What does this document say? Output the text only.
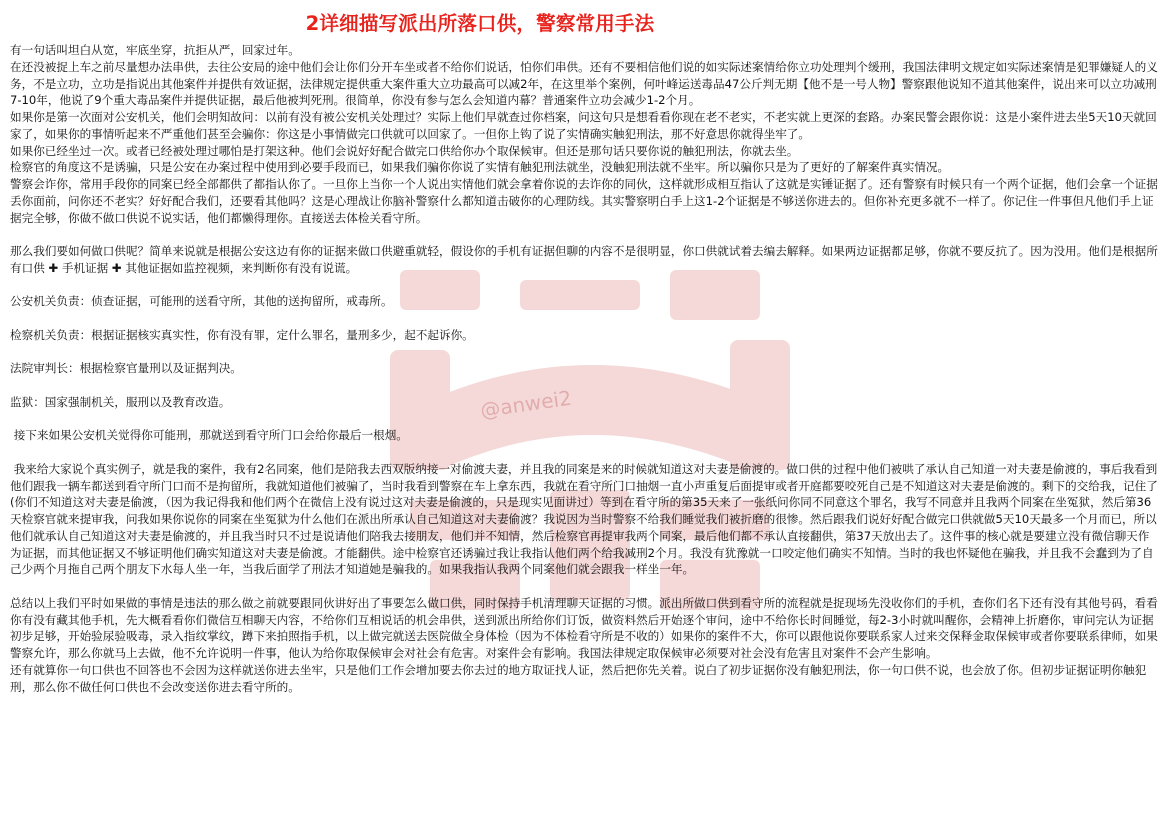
@anwei2
2详细描写派出所落口供，警察常用手法

有一句话叫坦白从宽，牢底坐穿，抗拒从严，回家过年。

在还没被捉上车之前尽量想办法串供，去往公安局的途中他们会让你们分开车坐或者不给你们说话，怕你们串供。还有不要相信他们说的如实际述案情给你立功处理判个缓刑，我国法律明文规定如实际述案情是犯罪嫌疑人的义务，不是立功，立功是指说出其他案件并提供有效证据，法律规定提供重大案件重大立功最高可以减2年，在这里举个案例，何叶峰运送毒品47公斤判无期【他不是一号人物】警察跟他说知不道其他案件，说出来可以立功减刑7-10年，他说了9个重大毒品案件并提供证据，最后他被判死刑。很简单，你没有参与怎么会知道内幕？普通案件立功会减少1-2个月。

如果你是第一次面对公安机关，他们会明知故问：以前有没有被公安机关处理过？实际上他们早就查过你档案，问这句只是想看看你现在老不老实，不老实就上更深的套路。办案民警会跟你说：这是小案件进去坐5天10天就回家了，如果你的事情听起来不严重他们甚至会骗你：你这是小事情做完口供就可以回家了。一但你上钩了说了实情确实触犯刑法，那不好意思你就得坐牢了。

如果你已经坐过一次。或者已经被处理过哪怕是打架这种。他们会说好好配合做完口供给你办个取保候审。但还是那句话只要你说的触犯刑法，你就去坐。

检察官的角度这不是诱骗，只是公安在办案过程中使用到必要手段而已，如果我们骗你你说了实情有触犯刑法就坐，没触犯刑法就不坐牢。所以骗你只是为了更好的了解案件真实情况。

警察会诈你，常用手段你的同案已经全部都供了都指认你了。一旦你上当你一个人说出实情他们就会拿着你说的去诈你的同伙，这样就形成相互指认了这就是实锤证据了。还有警察有时候只有一个两个证据，他们会拿一个证据丢你面前，问你还不老实？好好配合我们，还要看其他吗？这是心理战让你脑补警察什么都知道击破你的心理防线。其实警察明白手上这1-2个证据是不够送你进去的。但你补充更多就不一样了。你记住一件事但凡他们手上证据完全够，你做不做口供说不说实话，他们都懒得理你。直接送去体检关看守所。

那么我们要如何做口供呢？简单来说就是根据公安这边有你的证据来做口供避重就轻，假设你的手机有证据但聊的内容不是很明显，你口供就试着去编去解释。如果两边证据都足够，你就不要反抗了。因为没用。他们是根据所有口供 ✚ 手机证据 ✚ 其他证据如监控视频，来判断你有没有说谎。

公安机关负责：侦查证据，可能刑的送看守所，其他的送拘留所，戒毒所。

检察机关负责：根据证据核实真实性，你有没有罪，定什么罪名，量刑多少，起不起诉你。

法院审判长：根据检察官量刑以及证据判决。

监狱：国家强制机关，服刑以及教育改造。

接下来如果公安机关觉得你可能刑，那就送到看守所门口会给你最后一根烟。

我来给大家说个真实例子，就是我的案件，我有2名同案，他们是陪我去西双版纳接一对偷渡夫妻，并且我的同案是来的时候就知道这对夫妻是偷渡的。做口供的过程中他们被哄了承认自己知道一对夫妻是偷渡的，事后我看到他们跟我一辆车都送到看守所门口而不是拘留所，我就知道他们被骗了，当时我看到警察在车上拿东西，我就在看守所门口抽烟一直小声重复后面提审或者开庭都要咬死自己是不知道这对夫妻是偷渡的。剩下的交给我，记住了(你们不知道这对夫妻是偷渡，（因为我记得我和他们两个在微信上没有说过这对夫妻是偷渡的，只是现实见面讲过）等到在看守所的第35天来了一张纸问你同不同意这个罪名，我写不同意并且我两个同案在坐冤狱，然后第36天检察官就来提审我，问我如果你说你的同案在坐冤狱为什么他们在派出所承认自己知道这对夫妻偷渡？我说因为当时警察不给我们睡觉我们被折磨的很惨。然后跟我们说好好配合做完口供就做5天10天最多一个月而已，所以他们就承认自己知道这对夫妻是偷渡的，并且我当时只不过是说请他们陪我去接朋友，他们并不知情，然后检察官再提审我两个同案，最后他们都不承认直接翻供，第37天放出去了。这件事的核心就是要建立没有微信聊天作为证据，而其他证据又不够证明他们确实知道这对夫妻是偷渡。才能翻供。途中检察官还诱骗过我让我指认他们两个给我减刑2个月。我没有犹豫就一口咬定他们确实不知情。当时的我也怀疑他在骗我，并且我不会蠢到为了自己少两个月拖自己两个朋友下水每人坐一年，当我后面学了刑法才知道她是骗我的。如果我指认我两个同案他们就会跟我一样坐一年。

总结以上我们平时如果做的事情是违法的那么做之前就要跟同伙讲好出了事要怎么做口供，同时保持手机清理聊天证据的习惯。派出所做口供到看守所的流程就是捉现场先没收你们的手机，查你们名下还有没有其他号码，看看你有没有藏其他手机，先大概看看你们微信互相聊天内容，不给你们互相说话的机会串供，送到派出所给你们订饭，做资料然后开始逐个审问，途中不给你长时间睡觉，每2-3小时就叫醒你，会精神上折磨你，审问完认为证据初步足够，开始验尿验吸毒，录入指纹掌纹，蹲下来拍照指手机，以上做完就送去医院做全身体检（因为不体检看守所是不收的）如果你的案件不大，你可以跟他说你要联系家人过来交保释金取保候审或者你要联系律师，如果警察允许，那么你就马上去做，他不允许说明一件事，他认为给你取保候审会对社会有危害。对案件会有影响。我国法律规定取保候审必须要对社会没有危害且对案件不会产生影响。

还有就算你一句口供也不回答也不会因为这样就送你进去坐牢，只是他们工作会增加要去你去过的地方取证找人证，然后把你先关着。说白了初步证据你没有触犯刑法，你一句口供不说，也会放了你。但初步证据证明你触犯刑，那么你不做任何口供也不会改变送你进去看守所的。
